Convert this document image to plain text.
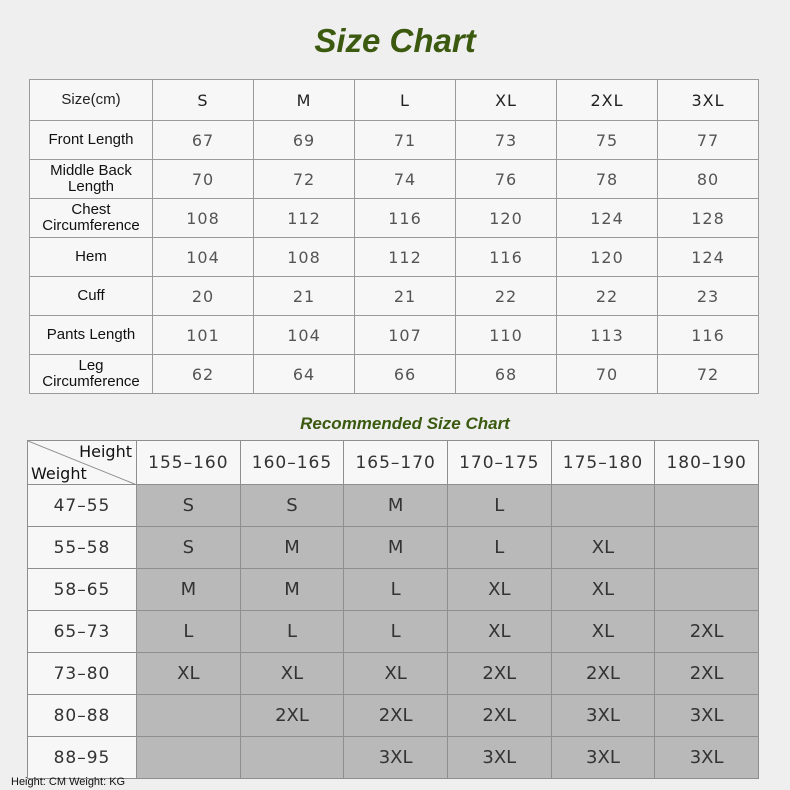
Size Chart
Size(cm)	S	M	L	XL	2XL	3XL
Front Length	67	69	71	73	75	77
Middle Back Length	70	72	74	76	78	80
Chest Circumference	108	112	116	120	124	128
Hem	104	108	112	116	120	124
Cuff	20	21	21	22	22	23
Pants Length	101	104	107	110	113	116
Leg Circumference	62	64	66	68	70	72
Recommended Size Chart
Height
Weight	155–160	160–165	165–170	170–175	175–180	180–190
47–55	S	S	M	L		
55–58	S	M	M	L	XL	
58–65	M	M	L	XL	XL	
65–73	L	L	L	XL	XL	2XL
73–80	XL	XL	XL	2XL	2XL	2XL
80–88		2XL	2XL	2XL	3XL	3XL
88–95			3XL	3XL	3XL	3XL
Height: CM Weight: KG
